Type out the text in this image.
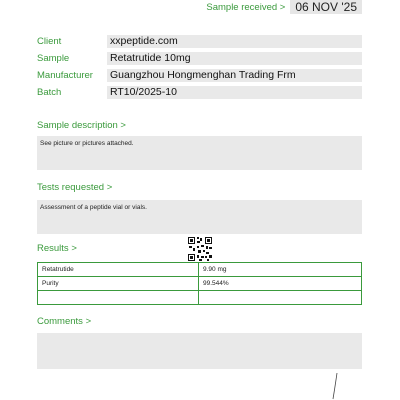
Sample received > 06 NOV '25
Client	xxpeptide.com
Sample	Retatrutide 10mg
Manufacturer	Guangzhou Hongmenghan Trading Frm
Batch	RT10/2025-10
Sample description >
See picture or pictures attached.
Tests requested >
Assessment of a peptide vial or vials.
Results >
Retatrutide	9.90 mg
Purity	99.544%

Comments >
